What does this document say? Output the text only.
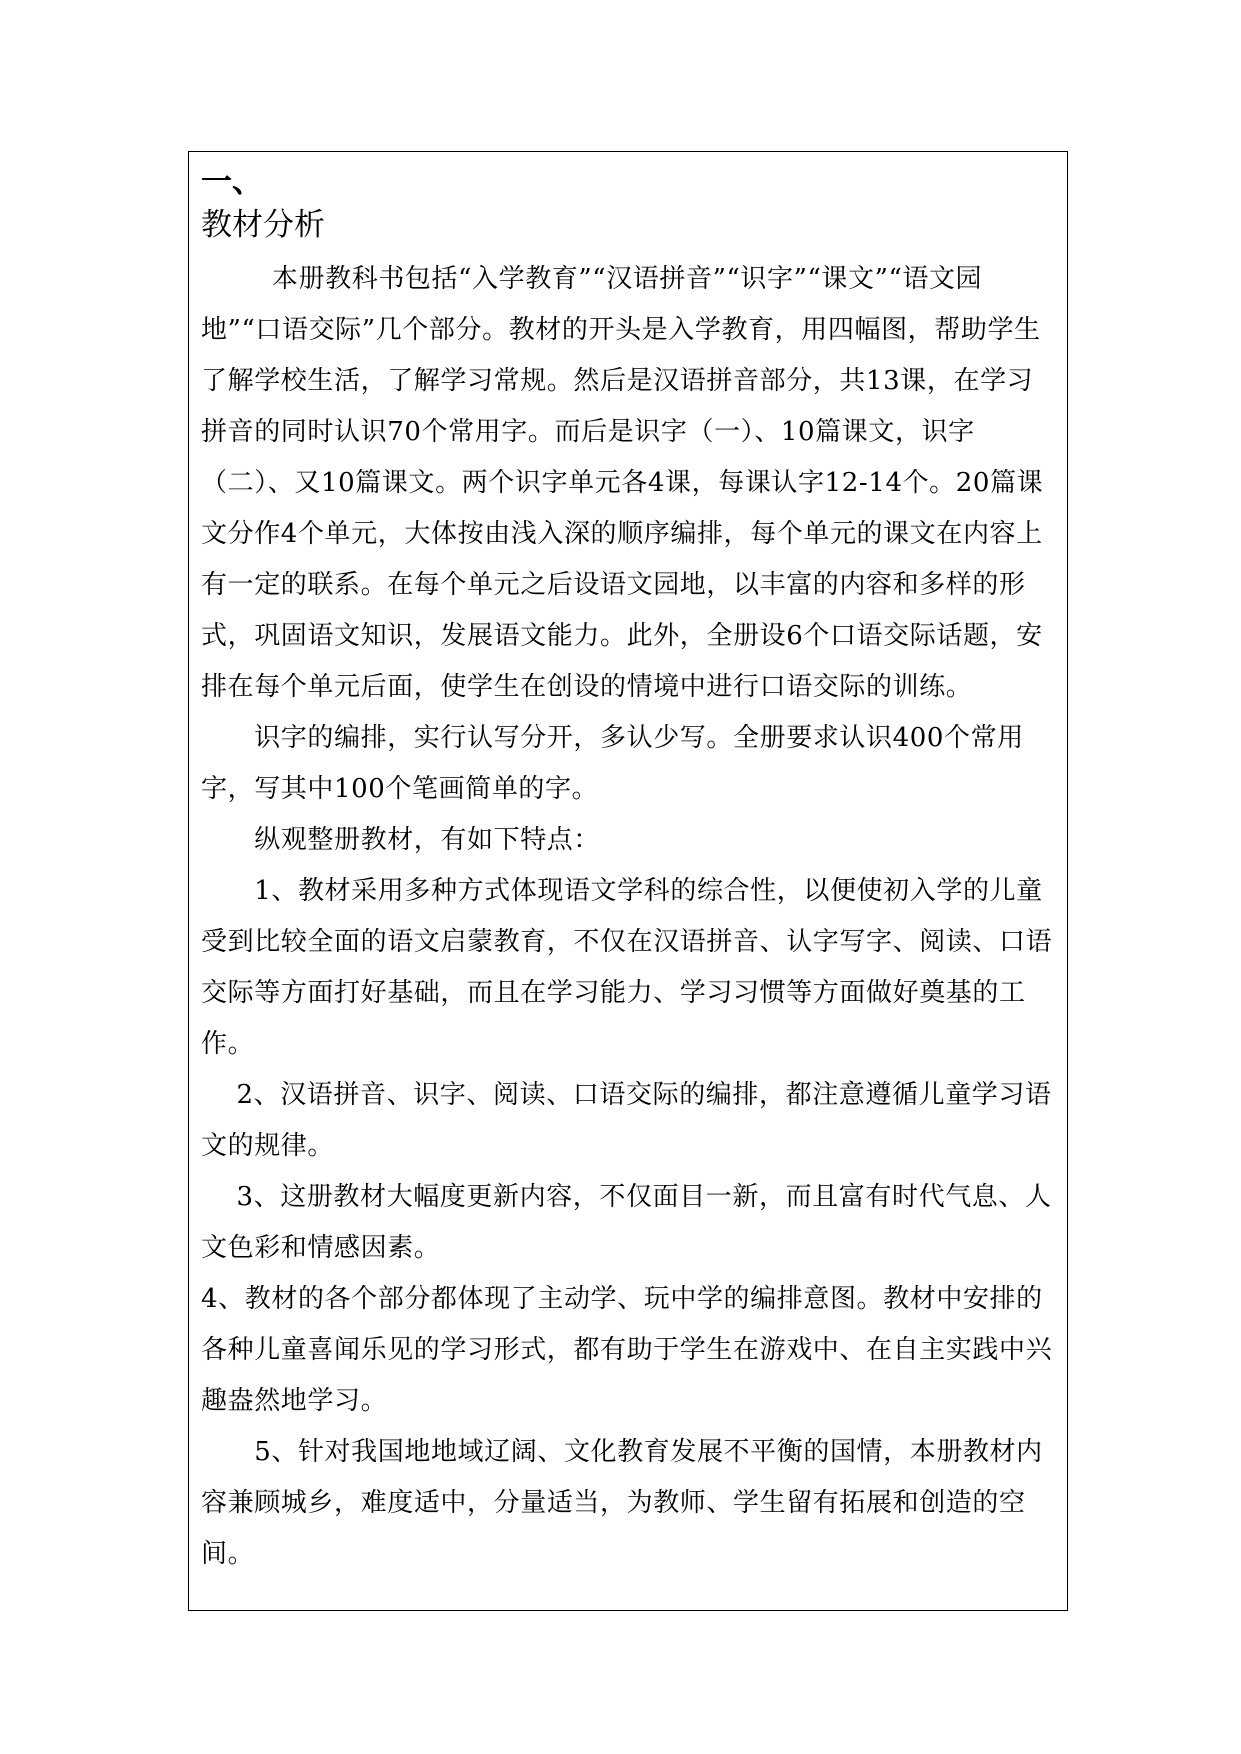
一、
教材分析

本册教科书包括“入学教育”“汉语拼音”“识字”“课文”“语文园地”“口语交际”几个部分。教材的开头是入学教育，用四幅图，帮助学生了解学校生活，了解学习常规。然后是汉语拼音部分，共13课，在学习拼音的同时认识70个常用字。而后是识字（一）、10篇课文，识字（二）、又10篇课文。两个识字单元各4课，每课认字12-14个。20篇课文分作4个单元，大体按由浅入深的顺序编排，每个单元的课文在内容上有一定的联系。在每个单元之后设语文园地，以丰富的内容和多样的形式，巩固语文知识，发展语文能力。此外，全册设6个口语交际话题，安排在每个单元后面，使学生在创设的情境中进行口语交际的训练。

识字的编排，实行认写分开，多认少写。全册要求认识400个常用字，写其中100个笔画简单的字。

纵观整册教材，有如下特点：

1、教材采用多种方式体现语文学科的综合性，以便使初入学的儿童受到比较全面的语文启蒙教育，不仅在汉语拼音、认字写字、阅读、口语交际等方面打好基础，而且在学习能力、学习习惯等方面做好奠基的工作。

2、汉语拼音、识字、阅读、口语交际的编排，都注意遵循儿童学习语文的规律。

3、这册教材大幅度更新内容，不仅面目一新，而且富有时代气息、人文色彩和情感因素。

4、教材的各个部分都体现了主动学、玩中学的编排意图。教材中安排的各种儿童喜闻乐见的学习形式，都有助于学生在游戏中、在自主实践中兴趣盎然地学习。

5、针对我国地地域辽阔、文化教育发展不平衡的国情，本册教材内容兼顾城乡，难度适中，分量适当，为教师、学生留有拓展和创造的空间。
